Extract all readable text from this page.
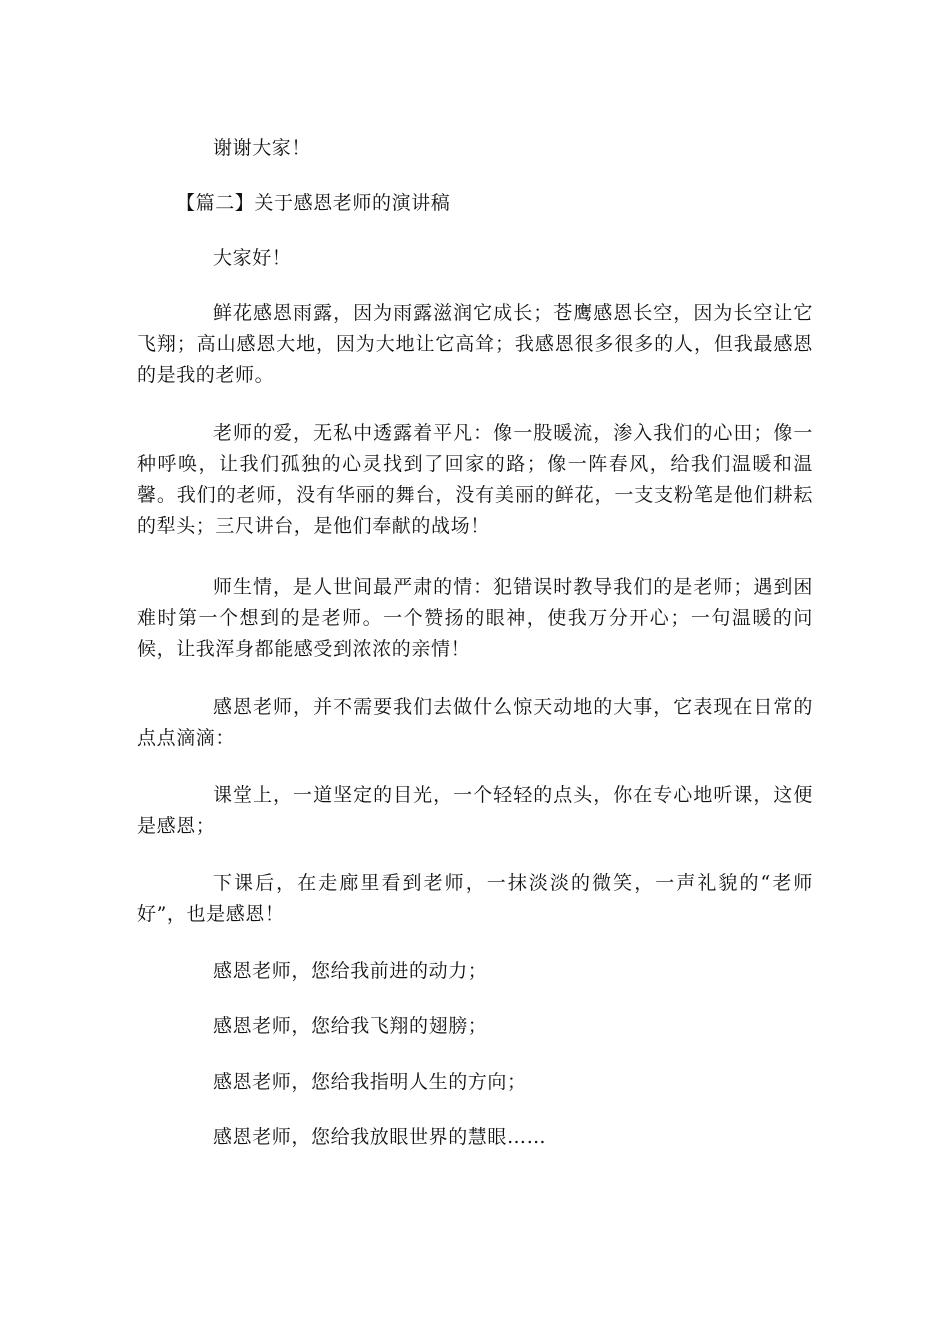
谢谢大家！

【篇二】关于感恩老师的演讲稿

大家好！

鲜花感恩雨露，因为雨露滋润它成长；苍鹰感恩长空，因为长空让它飞翔；高山感恩大地，因为大地让它高耸；我感恩很多很多的人，但我最感恩的是我的老师。

老师的爱，无私中透露着平凡：像一股暖流，渗入我们的心田；像一种呼唤，让我们孤独的心灵找到了回家的路；像一阵春风，给我们温暖和温馨。我们的老师，没有华丽的舞台，没有美丽的鲜花，一支支粉笔是他们耕耘的犁头；三尺讲台，是他们奉献的战场！

师生情，是人世间最严肃的情：犯错误时教导我们的是老师；遇到困难时第一个想到的是老师。一个赞扬的眼神，使我万分开心；一句温暖的问候，让我浑身都能感受到浓浓的亲情！

感恩老师，并不需要我们去做什么惊天动地的大事，它表现在日常的点点滴滴：

课堂上，一道坚定的目光，一个轻轻的点头，你在专心地听课，这便是感恩；

下课后，在走廊里看到老师，一抹淡淡的微笑，一声礼貌的“老师好”，也是感恩！

感恩老师，您给我前进的动力；

感恩老师，您给我飞翔的翅膀；

感恩老师，您给我指明人生的方向；

感恩老师，您给我放眼世界的慧眼……
